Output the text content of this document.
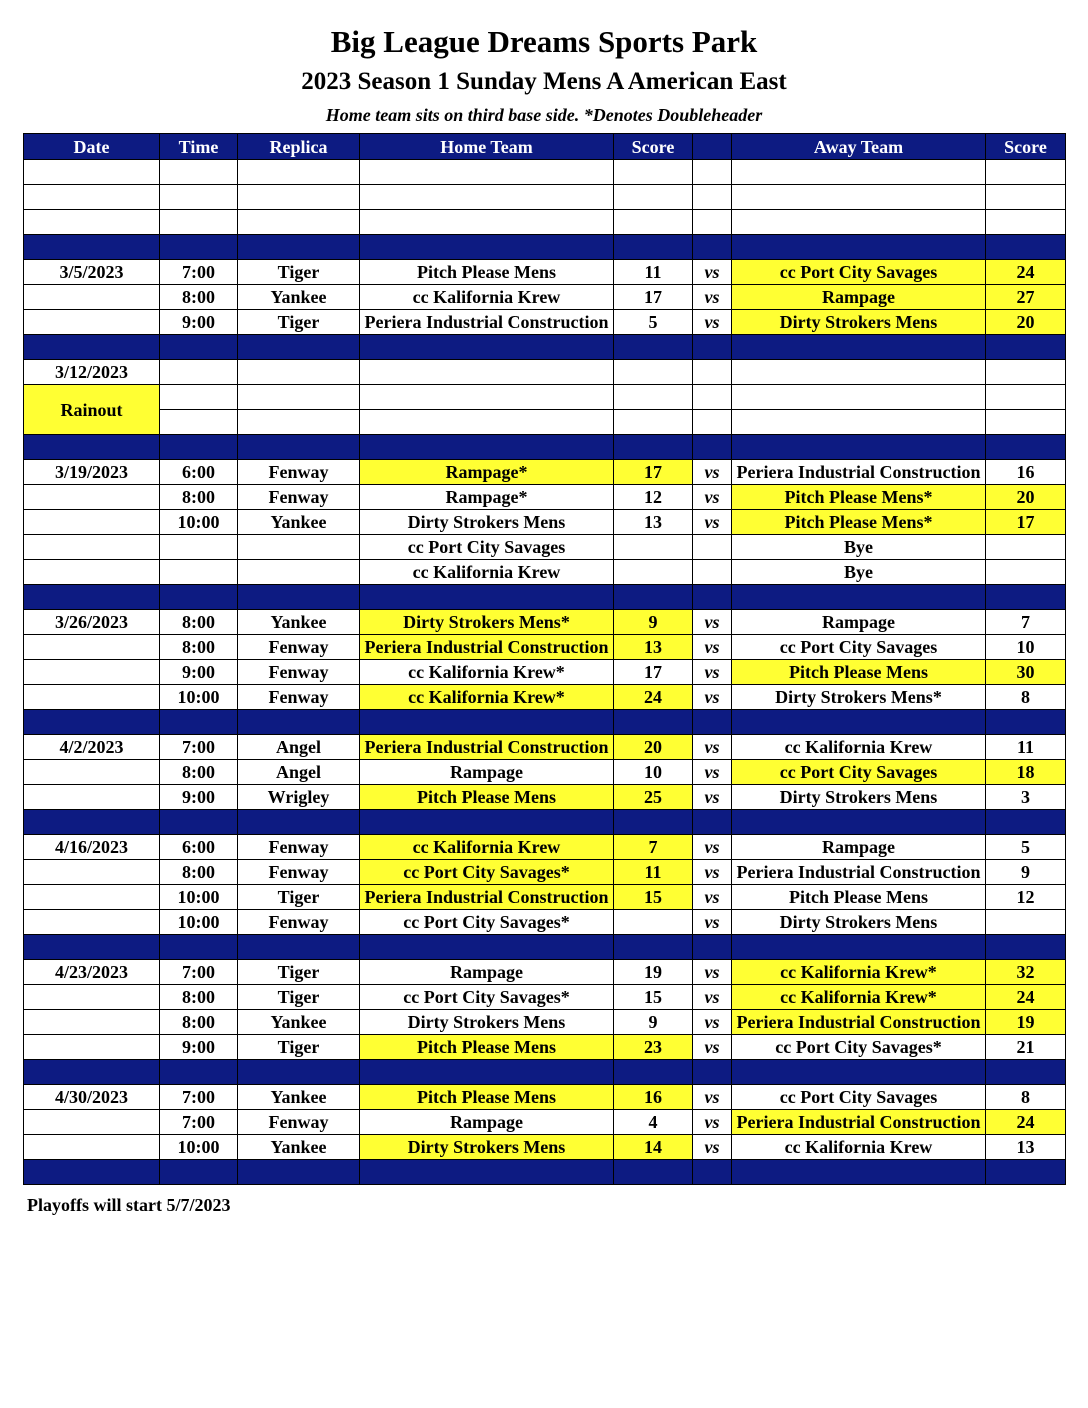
Big League Dreams Sports Park
2023 Season 1 Sunday Mens A American East
Home team sits on third base side. *Denotes Doubleheader
Date	Time	Replica	Home Team	Score		Away Team	Score

3/5/2023	7:00	Tiger	Pitch Please Mens	11	vs	cc Port City Savages	24
	8:00	Yankee	cc Kalifornia Krew	17	vs	Rampage	27
	9:00	Tiger	Periera Industrial Construction	5	vs	Dirty Strokers Mens	20

3/12/2023							
Rainout							

3/19/2023	6:00	Fenway	Rampage*	17	vs	Periera Industrial Construction	16
	8:00	Fenway	Rampage*	12	vs	Pitch Please Mens*	20
	10:00	Yankee	Dirty Strokers Mens	13	vs	Pitch Please Mens*	17
			cc Port City Savages			Bye	
			cc Kalifornia Krew			Bye	

3/26/2023	8:00	Yankee	Dirty Strokers Mens*	9	vs	Rampage	7
	8:00	Fenway	Periera Industrial Construction	13	vs	cc Port City Savages	10
	9:00	Fenway	cc Kalifornia Krew*	17	vs	Pitch Please Mens	30
	10:00	Fenway	cc Kalifornia Krew*	24	vs	Dirty Strokers Mens*	8

4/2/2023	7:00	Angel	Periera Industrial Construction	20	vs	cc Kalifornia Krew	11
	8:00	Angel	Rampage	10	vs	cc Port City Savages	18
	9:00	Wrigley	Pitch Please Mens	25	vs	Dirty Strokers Mens	3

4/16/2023	6:00	Fenway	cc Kalifornia Krew	7	vs	Rampage	5
	8:00	Fenway	cc Port City Savages*	11	vs	Periera Industrial Construction	9
	10:00	Tiger	Periera Industrial Construction	15	vs	Pitch Please Mens	12
	10:00	Fenway	cc Port City Savages*		vs	Dirty Strokers Mens	

4/23/2023	7:00	Tiger	Rampage	19	vs	cc Kalifornia Krew*	32
	8:00	Tiger	cc Port City Savages*	15	vs	cc Kalifornia Krew*	24
	8:00	Yankee	Dirty Strokers Mens	9	vs	Periera Industrial Construction	19
	9:00	Tiger	Pitch Please Mens	23	vs	cc Port City Savages*	21

4/30/2023	7:00	Yankee	Pitch Please Mens	16	vs	cc Port City Savages	8
	7:00	Fenway	Rampage	4	vs	Periera Industrial Construction	24
	10:00	Yankee	Dirty Strokers Mens	14	vs	cc Kalifornia Krew	13

Playoffs will start 5/7/2023
